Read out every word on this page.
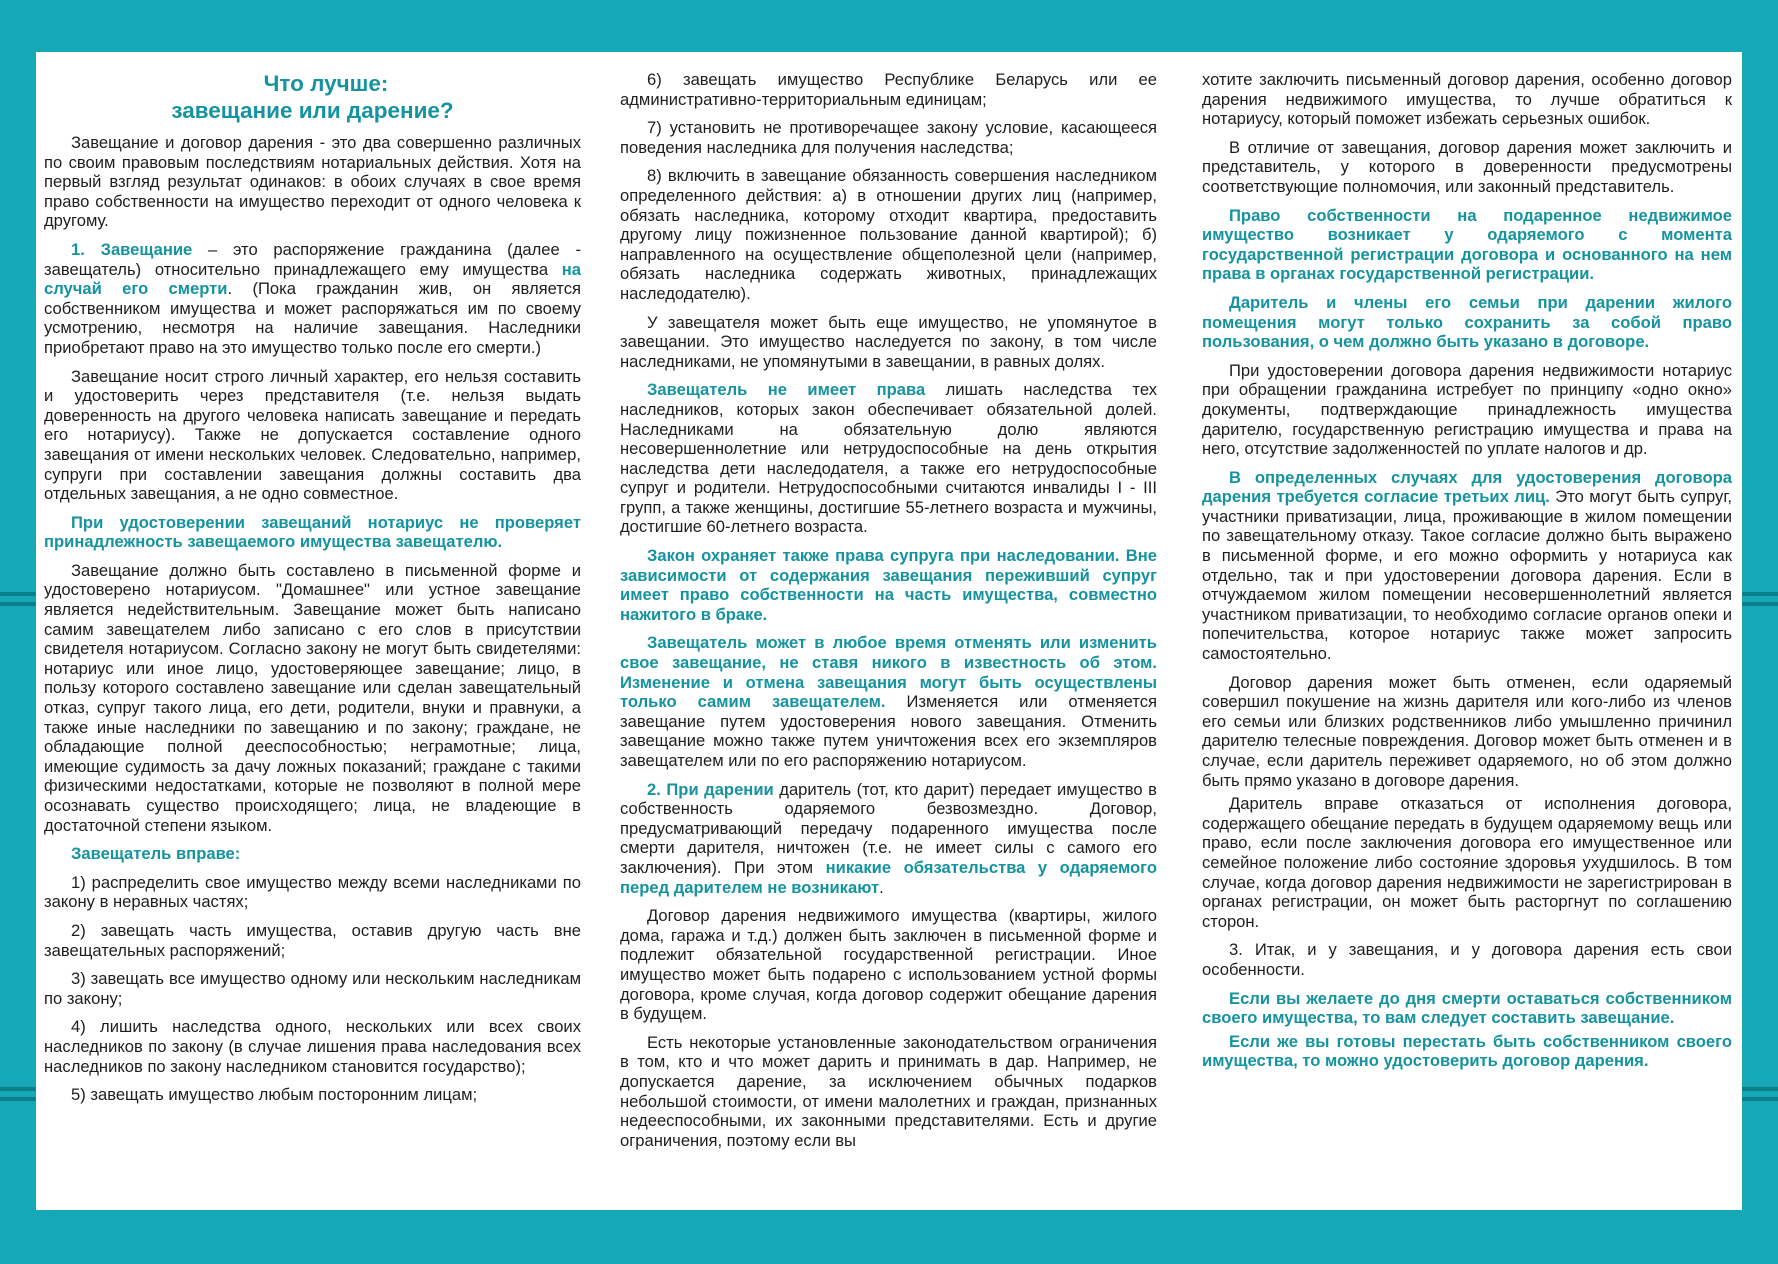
Что лучше:
завещание или дарение?

Завещание и договор дарения - это два совершенно различных по своим правовым последствиям нотариальных действия. Хотя на первый взгляд результат одинаков: в обоих случаях в свое время право собственности на имущество переходит от одного человека к другому.

1. Завещание – это распоряжение гражданина (далее - завещатель) относительно принадлежащего ему имущества на случай его смерти. (Пока гражданин жив, он является собственником имущества и может распоряжаться им по своему усмотрению, несмотря на наличие завещания. Наследники приобретают право на это имущество только после его смерти.)

Завещание носит строго личный характер, его нельзя составить и удостоверить через представителя (т.е. нельзя выдать доверенность на другого человека написать завещание и передать его нотариусу). Также не допускается составление одного завещания от имени нескольких человек. Следовательно, например, супруги при составлении завещания должны составить два отдельных завещания, а не одно совместное.

При удостоверении завещаний нотариус не проверяет принадлежность завещаемого имущества завещателю.

Завещание должно быть составлено в письменной форме и удостоверено нотариусом. "Домашнее" или устное завещание является недействительным. Завещание может быть написано самим завещателем либо записано с его слов в присутствии свидетеля нотариусом. Согласно закону не могут быть свидетелями: нотариус или иное лицо, удостоверяющее завещание; лицо, в пользу которого составлено завещание или сделан завещательный отказ, супруг такого лица, его дети, родители, внуки и правнуки, а также иные наследники по завещанию и по закону; граждане, не обладающие полной дееспособностью; неграмотные; лица, имеющие судимость за дачу ложных показаний; граждане с такими физическими недостатками, которые не позволяют в полной мере осознавать существо происходящего; лица, не владеющие в достаточной степени языком.

Завещатель вправе:

1) распределить свое имущество между всеми наследниками по закону в неравных частях;

2) завещать часть имущества, оставив другую часть вне завещательных распоряжений;

3) завещать все имущество одному или нескольким наследникам по закону;

4) лишить наследства одного, нескольких или всех своих наследников по закону (в случае лишения права наследования всех наследников по закону наследником становится государство);

5) завещать имущество любым посторонним лицам;

6) завещать имущество Республике Беларусь или ее административно-территориальным единицам;

7) установить не противоречащее закону условие, касающееся поведения наследника для получения наследства;

8) включить в завещание обязанность совершения наследником определенного действия: а) в отношении других лиц (например, обязать наследника, которому отходит квартира, предоставить другому лицу пожизненное пользование данной квартирой); б) направленного на осуществление общеполезной цели (например, обязать наследника содержать животных, принадлежащих наследодателю).

У завещателя может быть еще имущество, не упомянутое в завещании. Это имущество наследуется по закону, в том числе наследниками, не упомянутыми в завещании, в равных долях.

Завещатель не имеет права лишать наследства тех наследников, которых закон обеспечивает обязательной долей. Наследниками на обязательную долю являются несовершеннолетние или нетрудоспособные на день открытия наследства дети наследодателя, а также его нетрудоспособные супруг и родители. Нетрудоспособными считаются инвалиды I - III групп, а также женщины, достигшие 55-летнего возраста и мужчины, достигшие 60-летнего возраста.

Закон охраняет также права супруга при наследовании. Вне зависимости от содержания завещания переживший супруг имеет право собственности на часть имущества, совместно нажитого в браке.

Завещатель может в любое время отменять или изменить свое завещание, не ставя никого в известность об этом. Изменение и отмена завещания могут быть осуществлены только самим завещателем. Изменяется или отменяется завещание путем удостоверения нового завещания. Отменить завещание можно также путем уничтожения всех его экземпляров завещателем или по его распоряжению нотариусом.

2. При дарении даритель (тот, кто дарит) передает имущество в собственность одаряемого безвозмездно. Договор, предусматривающий передачу подаренного имущества после смерти дарителя, ничтожен (т.е. не имеет силы с самого его заключения). При этом никакие обязательства у одаряемого перед дарителем не возникают.

Договор дарения недвижимого имущества (квартиры, жилого дома, гаража и т.д.) должен быть заключен в письменной форме и подлежит обязательной государственной регистрации. Иное имущество может быть подарено с использованием устной формы договора, кроме случая, когда договор содержит обещание дарения в будущем.

Есть некоторые установленные законодательством ограничения в том, кто и что может дарить и принимать в дар. Например, не допускается дарение, за исключением обычных подарков небольшой стоимости, от имени малолетних и граждан, признанных недееспособными, их законными представителями. Есть и другие ограничения, поэтому если вы

хотите заключить письменный договор дарения, особенно договор дарения недвижимого имущества, то лучше обратиться к нотариусу, который поможет избежать серьезных ошибок.

В отличие от завещания, договор дарения может заключить и представитель, у которого в доверенности предусмотрены соответствующие полномочия, или законный представитель.

Право собственности на подаренное недвижимое имущество возникает у одаряемого с момента государственной регистрации договора и основанного на нем права в органах государственной регистрации.

Даритель и члены его семьи при дарении жилого помещения могут только сохранить за собой право пользования, о чем должно быть указано в договоре.

При удостоверении договора дарения недвижимости нотариус при обращении гражданина истребует по принципу «одно окно» документы, подтверждающие принадлежность имущества дарителю, государственную регистрацию имущества и права на него, отсутствие задолженностей по уплате налогов и др.

В определенных случаях для удостоверения договора дарения требуется согласие третьих лиц. Это могут быть супруг, участники приватизации, лица, проживающие в жилом помещении по завещательному отказу. Такое согласие должно быть выражено в письменной форме, и его можно оформить у нотариуса как отдельно, так и при удостоверении договора дарения. Если в отчуждаемом жилом помещении несовершеннолетний является участником приватизации, то необходимо согласие органов опеки и попечительства, которое нотариус также может запросить самостоятельно.

Договор дарения может быть отменен, если одаряемый совершил покушение на жизнь дарителя или кого-либо из членов его семьи или близких родственников либо умышленно причинил дарителю телесные повреждения. Договор может быть отменен и в случае, если даритель переживет одаряемого, но об этом должно быть прямо указано в договоре дарения.

Даритель вправе отказаться от исполнения договора, содержащего обещание передать в будущем одаряемому вещь или право, если после заключения договора его имущественное или семейное положение либо состояние здоровья ухудшилось. В том случае, когда договор дарения недвижимости не зарегистрирован в органах регистрации, он может быть расторгнут по соглашению сторон.

3. Итак, и у завещания, и у договора дарения есть свои особенности.

Если вы желаете до дня смерти оставаться собственником своего имущества, то вам следует составить завещание.

Если же вы готовы перестать быть собственником своего имущества, то можно удостоверить договор дарения.
